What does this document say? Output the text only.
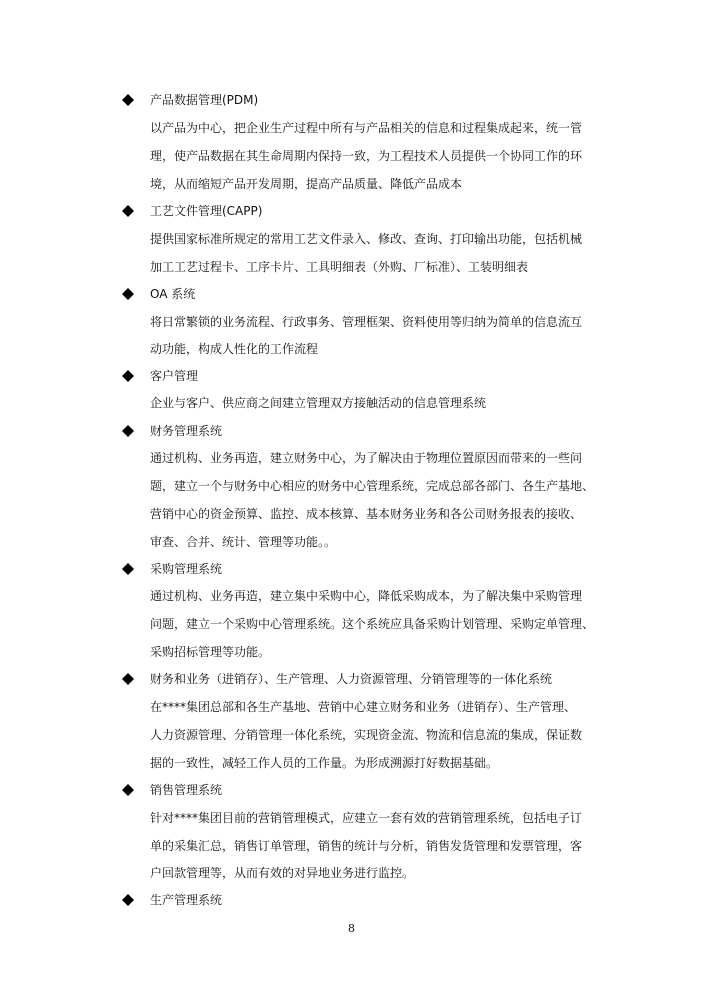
产品数据管理(PDM)
以产品为中心，把企业生产过程中所有与产品相关的信息和过程集成起来，统一管
理，使产品数据在其生命周期内保持一致，为工程技术人员提供一个协同工作的环
境，从而缩短产品开发周期，提高产品质量、降低产品成本
工艺文件管理(CAPP)
提供国家标准所规定的常用工艺文件录入、修改、查询、打印输出功能，包括机械
加工工艺过程卡、工序卡片、工具明细表（外购、厂标准）、工装明细表
OA 系统
将日常繁锁的业务流程、行政事务、管理框架、资料使用等归纳为简单的信息流互
动功能，构成人性化的工作流程
客户管理
企业与客户、供应商之间建立管理双方接触活动的信息管理系统
财务管理系统
通过机构、业务再造，建立财务中心，为了解决由于物理位置原因而带来的一些问
题，建立一个与财务中心相应的财务中心管理系统，完成总部各部门、各生产基地、
营销中心的资金预算、监控、成本核算、基本财务业务和各公司财务报表的接收、
审查、合并、统计、管理等功能。。
采购管理系统
通过机构、业务再造，建立集中采购中心，降低采购成本，为了解决集中采购管理
问题，建立一个采购中心管理系统。这个系统应具备采购计划管理、采购定单管理、
采购招标管理等功能。
财务和业务（进销存）、生产管理、人力资源管理、分销管理等的一体化系统
在****集团总部和各生产基地、营销中心建立财务和业务（进销存）、生产管理、
人力资源管理、分销管理一体化系统，实现资金流、物流和信息流的集成，保证数
据的一致性，减轻工作人员的工作量。为形成溯源打好数据基础。
销售管理系统
针对****集团目前的营销管理模式，应建立一套有效的营销管理系统，包括电子订
单的采集汇总，销售订单管理，销售的统计与分析，销售发货管理和发票管理，客
户回款管理等，从而有效的对异地业务进行监控。
生产管理系统
8
